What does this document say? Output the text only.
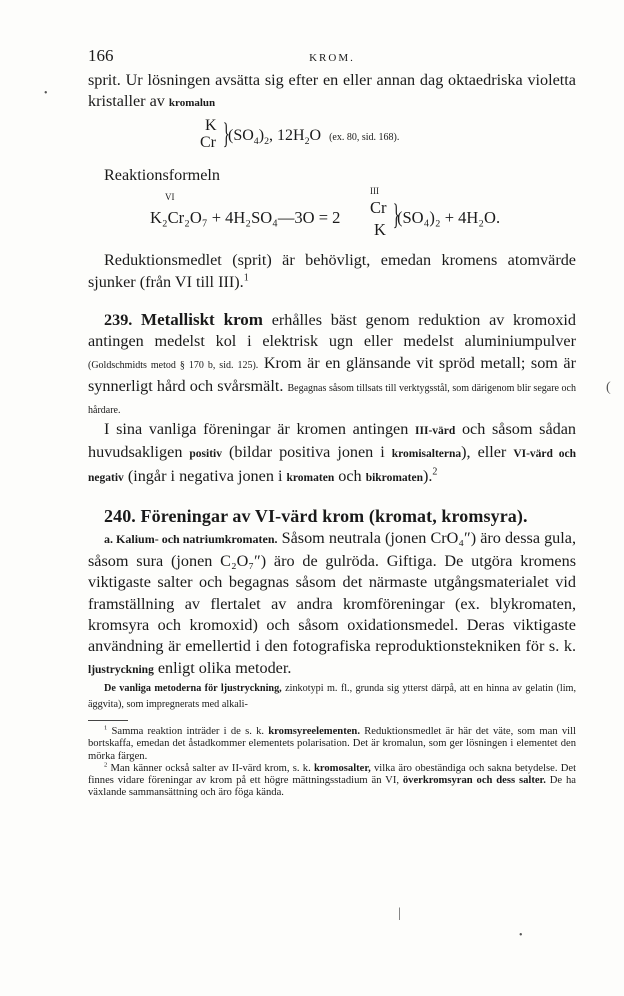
166	KROM.

sprit. Ur lösningen avsätta sig efter en eller annan dag oktaedriska violetta kristaller av kromalun

K
Cr }
$(SO_4)_2$, $12H_2O$ (ex. 80, sid. 168).

Reaktionsformeln

VI
III
K₂Cr₂O₇ + 4H₂SO₄—3O = 2
Cr
K }
(SO₄)₂ + 4H₂O.

Reduktionsmedlet (sprit) är behövligt, emedan kromens atomvärde sjunker (från VI till III).$^1$

239. Metalliskt krom erhålles bäst genom reduktion av kromoxid antingen medelst kol i elektrisk ugn eller medelst aluminiumpulver (Goldschmidts metod § 170 b, sid. 125). Krom är en glänsande vit spröd metall; som är synnerligt hård och svårsmält. Begagnas såsom tillsats till verktygsstål, som därigenom blir segare och hårdare.

I sina vanliga föreningar är kromen antingen III-värd och såsom sådan huvudsakligen positiv (bildar positiva jonen i kromisalterna), eller VI-värd och negativ (ingår i negativa jonen i kromaten och bikromaten).$^2$

240. Föreningar av VI-värd krom (kromat, kromsyra).

a. Kalium- och natriumkromaten. Såsom neutrala (jonen CrO₄″) äro dessa gula, såsom sura (jonen C₂O₇″) äro de gulröda. Giftiga. De utgöra kromens viktigaste salter och begagnas såsom det närmaste utgångsmaterialet vid framställning av flertalet av andra kromföreningar (ex. blykromaten, kromsyra och kromoxid) och såsom oxidationsmedel. Deras viktigaste användning är emellertid i den fotografiska reproduktionstekniken för s. k. ljustryckning enligt olika metoder.

De vanliga metoderna för ljustryckning, zinkotypi m. fl., grunda sig ytterst därpå, att en hinna av gelatin (lim, äggvita), som impregnerats med alkali-

$^1$ Samma reaktion inträder i de s. k. kromsyreelementen. Reduktionsmedlet är här det väte, som man vill bortskaffa, emedan det åstadkommer elementets polarisation. Det är kromalun, som ger lösningen i elementet den mörka färgen.

$^2$ Man känner också salter av II-värd krom, s. k. kromosalter, vilka äro obeständiga och sakna betydelse. Det finnes vidare föreningar av krom på ett högre mättningsstadium än VI, överkromsyran och dess salter. De ha växlande sammansättning och äro föga kända.

•
(
|
•
